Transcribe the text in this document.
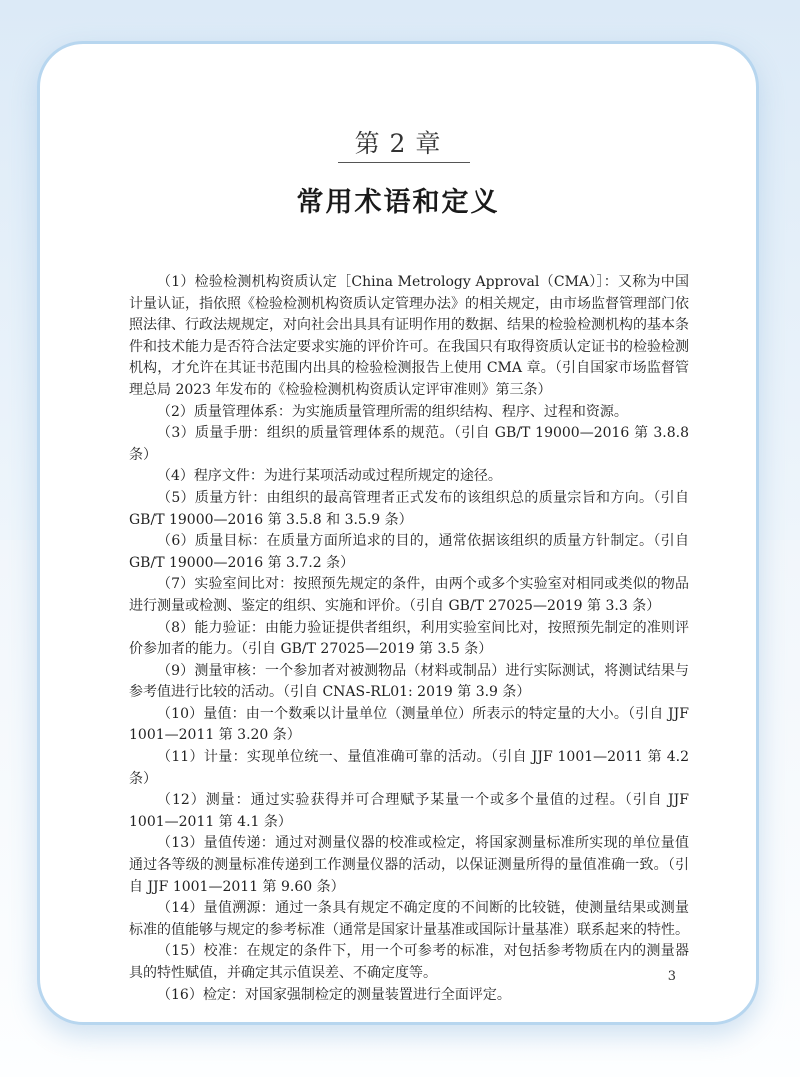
第 2 章
常用术语和定义

（1）检验检测机构资质认定［China Metrology Approval（CMA）］：又称为中国计量认证，指依照《检验检测机构资质认定管理办法》的相关规定，由市场监督管理部门依照法律、行政法规规定，对向社会出具具有证明作用的数据、结果的检验检测机构的基本条件和技术能力是否符合法定要求实施的评价许可。在我国只有取得资质认定证书的检验检测机构，才允许在其证书范围内出具的检验检测报告上使用 CMA 章。（引自国家市场监督管理总局 2023 年发布的《检验检测机构资质认定评审准则》第三条）

（2）质量管理体系：为实施质量管理所需的组织结构、程序、过程和资源。

（3）质量手册：组织的质量管理体系的规范。（引自 GB/T 19000—2016 第 3.8.8 条）

（4）程序文件：为进行某项活动或过程所规定的途径。

（5）质量方针：由组织的最高管理者正式发布的该组织总的质量宗旨和方向。（引自 GB/T 19000—2016 第 3.5.8 和 3.5.9 条）

（6）质量目标：在质量方面所追求的目的，通常依据该组织的质量方针制定。（引自 GB/T 19000—2016 第 3.7.2 条）

（7）实验室间比对：按照预先规定的条件，由两个或多个实验室对相同或类似的物品进行测量或检测、鉴定的组织、实施和评价。（引自 GB/T 27025—2019 第 3.3 条）

（8）能力验证：由能力验证提供者组织，利用实验室间比对，按照预先制定的准则评价参加者的能力。（引自 GB/T 27025—2019 第 3.5 条）

（9）测量审核：一个参加者对被测物品（材料或制品）进行实际测试，将测试结果与参考值进行比较的活动。（引自 CNAS-RL01: 2019 第 3.9 条）

（10）量值：由一个数乘以计量单位（测量单位）所表示的特定量的大小。（引自 JJF 1001—2011 第 3.20 条）

（11）计量：实现单位统一、量值准确可靠的活动。（引自 JJF 1001—2011 第 4.2 条）

（12）测量：通过实验获得并可合理赋予某量一个或多个量值的过程。（引自 JJF 1001—2011 第 4.1 条）

（13）量值传递：通过对测量仪器的校准或检定，将国家测量标准所实现的单位量值通过各等级的测量标准传递到工作测量仪器的活动，以保证测量所得的量值准确一致。（引自 JJF 1001—2011 第 9.60 条）

（14）量值溯源：通过一条具有规定不确定度的不间断的比较链，使测量结果或测量标准的值能够与规定的参考标准（通常是国家计量基准或国际计量基准）联系起来的特性。

（15）校准：在规定的条件下，用一个可参考的标准，对包括参考物质在内的测量器具的特性赋值，并确定其示值误差、不确定度等。

（16）检定：对国家强制检定的测量装置进行全面评定。

3
